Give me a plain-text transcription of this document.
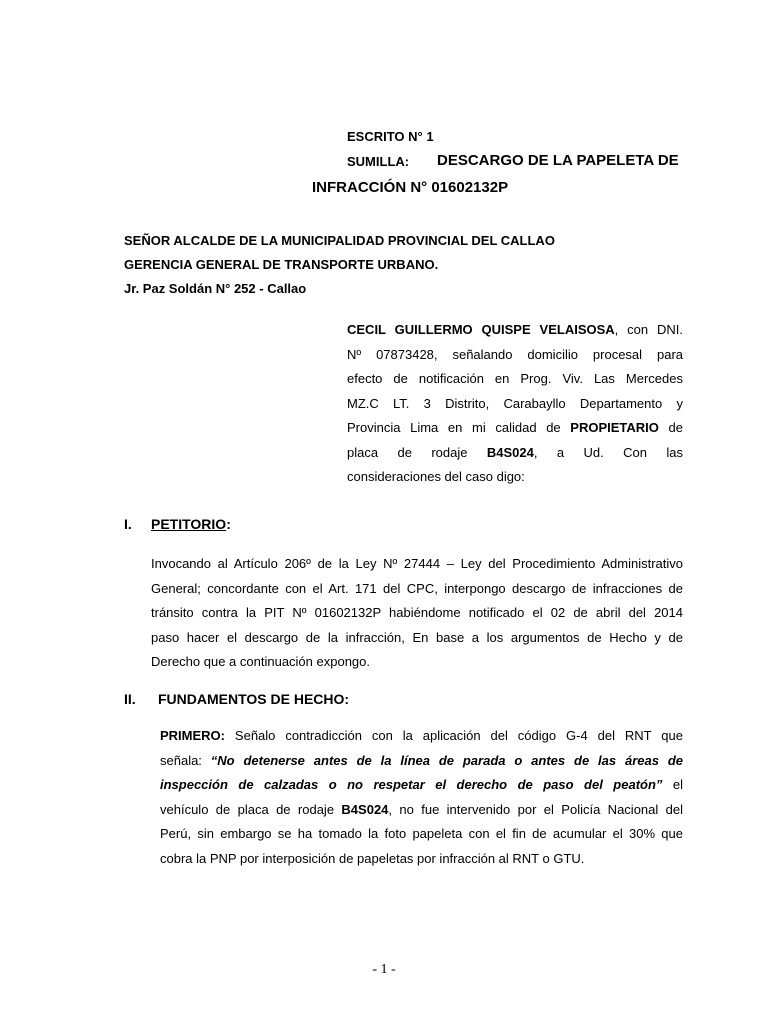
ESCRITO N° 1
SUMILLA: DESCARGO DE LA PAPELETA DE
INFRACCIÓN N° 01602132P
SEÑOR ALCALDE DE LA MUNICIPALIDAD PROVINCIAL DEL CALLAO
GERENCIA GENERAL DE TRANSPORTE URBANO.
Jr. Paz Soldán N° 252 - Callao
CECIL GUILLERMO QUISPE VELAISOSA, con DNI.
Nº 07873428, señalando domicilio procesal para
efecto de notificación en Prog. Viv. Las Mercedes
MZ.C LT. 3 Distrito, Carabayllo Departamento y
Provincia Lima en mi calidad de PROPIETARIO de
placa de rodaje B4S024, a Ud. Con las
consideraciones del caso digo:
I. PETITORIO:
Invocando al Artículo 206º de la Ley Nº 27444 – Ley del Procedimiento Administrativo
General; concordante con el Art. 171 del CPC, interpongo descargo de infracciones de
tránsito contra la PIT Nº 01602132P habiéndome notificado el 02 de abril del 2014
paso hacer el descargo de la infracción, En base a los argumentos de Hecho y de
Derecho que a continuación expongo.
II. FUNDAMENTOS DE HECHO:
PRIMERO: Señalo contradicción con la aplicación del código G-4 del RNT que
señala: “No detenerse antes de la línea de parada o antes de las áreas de
inspección de calzadas o no respetar el derecho de paso del peatón” el
vehículo de placa de rodaje B4S024, no fue intervenido por el Policía Nacional del
Perú, sin embargo se ha tomado la foto papeleta con el fin de acumular el 30% que
cobra la PNP por interposición de papeletas por infracción al RNT o GTU.
- 1 -
